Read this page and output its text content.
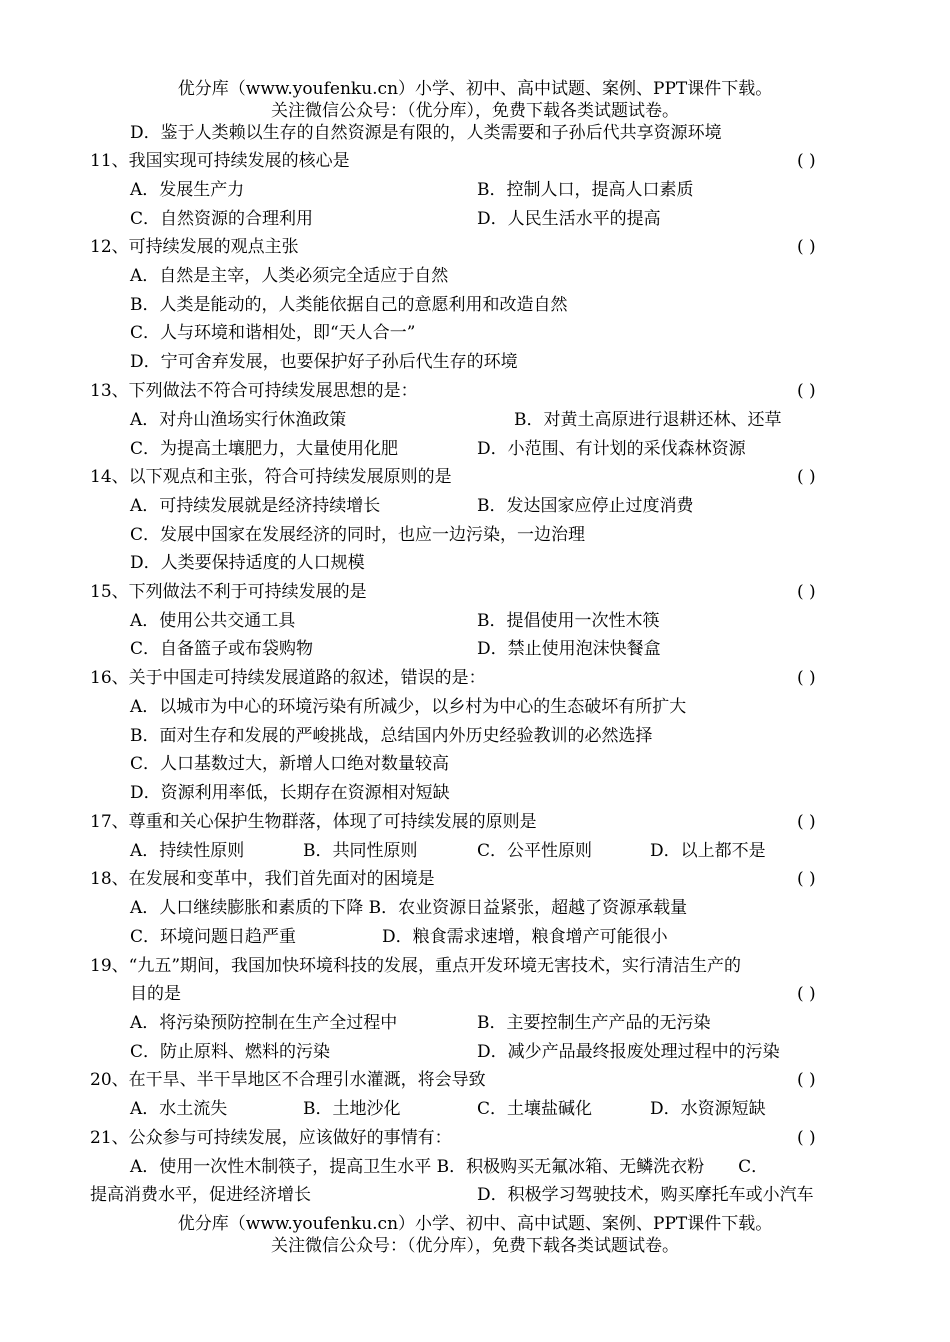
优分库（www.youfenku.cn）小学、初中、高中试题、案例、PPT课件下载。
关注微信公众号：（优分库），免费下载各类试题试卷。
D．鉴于人类赖以生存的自然资源是有限的，人类需要和子孙后代共享资源环境
11、我国实现可持续发展的核心是	( )
A．发展生产力	B．控制人口，提高人口素质
C．自然资源的合理利用	D．人民生活水平的提高
12、可持续发展的观点主张	( )
A．自然是主宰，人类必须完全适应于自然
B．人类是能动的，人类能依据自己的意愿利用和改造自然
C．人与环境和谐相处，即“天人合一”
D．宁可舍弃发展，也要保护好子孙后代生存的环境
13、下列做法不符合可持续发展思想的是：	( )
A．对舟山渔场实行休渔政策	B．对黄土高原进行退耕还林、还草
C．为提高土壤肥力，大量使用化肥	D．小范围、有计划的采伐森林资源
14、以下观点和主张，符合可持续发展原则的是	( )
A．可持续发展就是经济持续增长	B．发达国家应停止过度消费
C．发展中国家在发展经济的同时，也应一边污染，一边治理
D．人类要保持适度的人口规模
15、下列做法不利于可持续发展的是	( )
A．使用公共交通工具	B．提倡使用一次性木筷
C．自备篮子或布袋购物	D．禁止使用泡沫快餐盒
16、关于中国走可持续发展道路的叙述，错误的是：	( )
A．以城市为中心的环境污染有所减少，以乡村为中心的生态破坏有所扩大
B．面对生存和发展的严峻挑战，总结国内外历史经验教训的必然选择
C．人口基数过大，新增人口绝对数量较高
D．资源利用率低，长期存在资源相对短缺
17、尊重和关心保护生物群落，体现了可持续发展的原则是	( )
A．持续性原则	B．共同性原则	C．公平性原则	D．以上都不是
18、在发展和变革中，我们首先面对的困境是	( )
A．人口继续膨胀和素质的下降 B．农业资源日益紧张，超越了资源承载量
C．环境问题日趋严重	D．粮食需求速增，粮食增产可能很小
19、“九五”期间，我国加快环境科技的发展，重点开发环境无害技术，实行清洁生产的
目的是	( )
A．将污染预防控制在生产全过程中	B．主要控制生产产品的无污染
C．防止原料、燃料的污染	D．减少产品最终报废处理过程中的污染
20、在干旱、半干旱地区不合理引水灌溉，将会导致	( )
A．水土流失	B．土地沙化	C．土壤盐碱化	D．水资源短缺
21、公众参与可持续发展，应该做好的事情有：	( )
A．使用一次性木制筷子，提高卫生水平 B．积极购买无氟冰箱、无鳞洗衣粉　　C．
提高消费水平，促进经济增长	D．积极学习驾驶技术，购买摩托车或小汽车
优分库（www.youfenku.cn）小学、初中、高中试题、案例、PPT课件下载。
关注微信公众号：（优分库），免费下载各类试题试卷。
